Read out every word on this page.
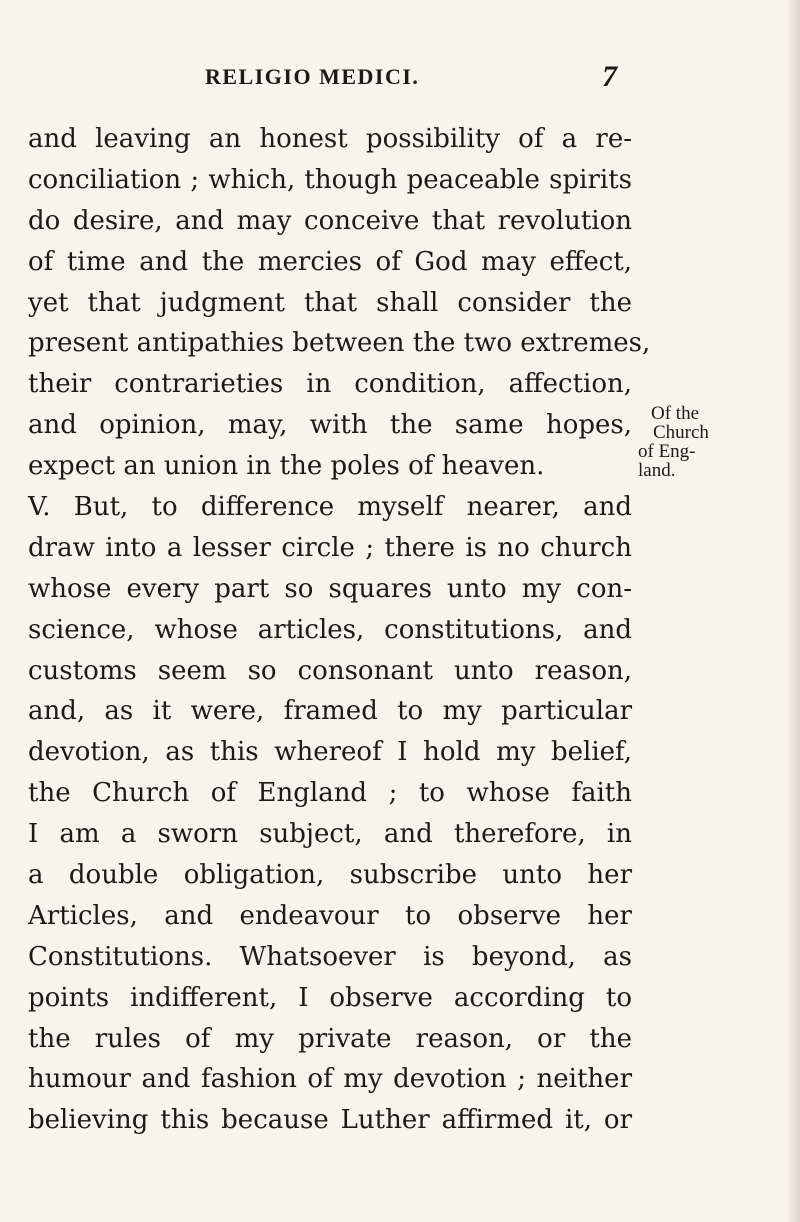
RELIGIO MEDICI.	7
and leaving an honest possibility of a re-
conciliation ; which, though peaceable spirits
do desire, and may conceive that revolution
of time and the mercies of God may effect,
yet that judgment that shall consider the
present antipathies between the two extremes,
their contrarieties in condition, affection,
and opinion, may, with the same hopes,
expect an union in the poles of heaven.
V. But, to difference myself nearer, and
draw into a lesser circle ; there is no church
whose every part so squares unto my con-
science, whose articles, constitutions, and
customs seem so consonant unto reason,
and, as it were, framed to my particular
devotion, as this whereof I hold my belief,
the Church of England ; to whose faith
I am a sworn subject, and therefore, in
a double obligation, subscribe unto her
Articles, and endeavour to observe her
Constitutions. Whatsoever is beyond, as
points indifferent, I observe according to
the rules of my private reason, or the
humour and fashion of my devotion ; neither
believing this because Luther affirmed it, or
Of the
Church
of Eng-
land.
